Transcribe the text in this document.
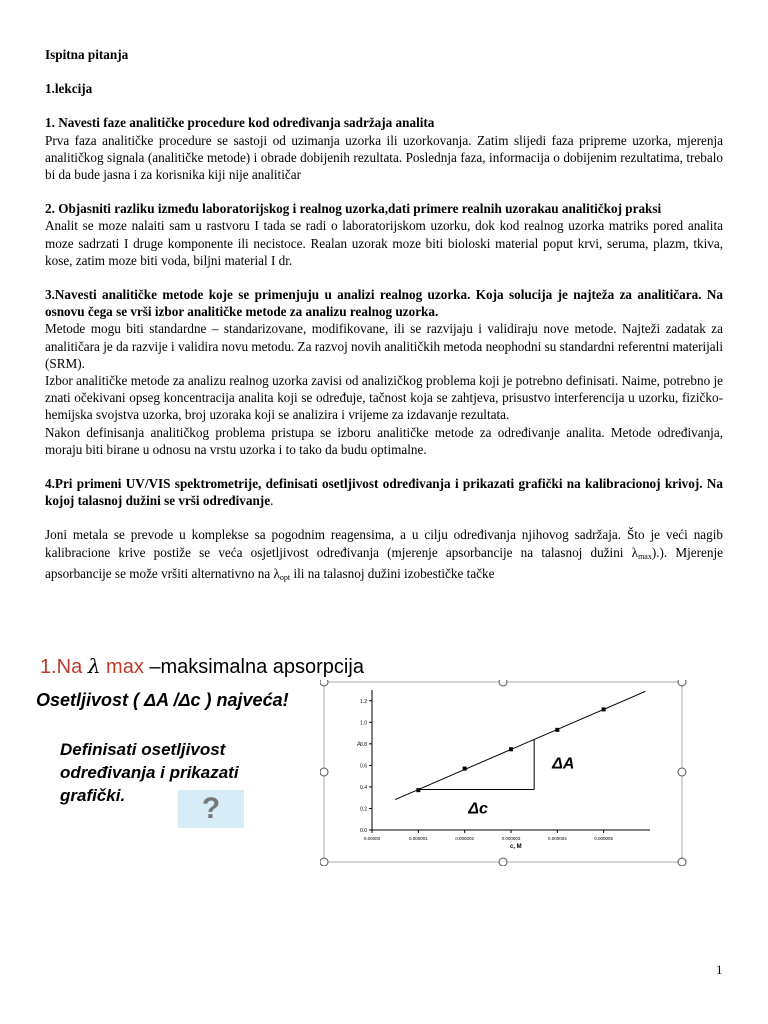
Ispitna pitanja

1.lekcija

1. Navesti faze analitičke procedure kod određivanja sadržaja analita

Prva faza analitičke procedure se sastoji od uzimanja uzorka ili uzorkovanja. Zatim slijedi faza pripreme uzorka, mjerenja analitičkog signala (analitičke metode) i obrade dobijenih rezultata. Poslednja faza, informacija o dobijenim rezultatima, trebalo bi da bude jasna i za korisnika kiji nije analitičar

2. Objasniti razliku između laboratorijskog i realnog uzorka,dati primere realnih uzorakau analitičkoj praksi

Analit se moze nalaiti sam u rastvoru I tada se radi o laboratorijskom uzorku, dok kod realnog uzorka matriks pored analita moze sadrzati I druge komponente ili necistoce. Realan uzorak moze biti bioloski material poput krvi, seruma, plazm, tkiva, kose, zatim moze biti voda, biljni material I dr.

3.Navesti analitičke metode koje se primenjuju u analizi realnog uzorka. Koja solucija je najteža za analitičara. Na osnovu čega se vrši izbor analitičke metode za analizu realnog uzorka.

Metode mogu biti standardne – standarizovane, modifikovane, ili se razvijaju i validiraju nove metode. Najteži zadatak za analitičara je da razvije i validira novu metodu. Za razvoj novih analitičkih metoda neophodni su standardni referentni materijali (SRM).

Izbor analitičke metode za analizu realnog uzorka zavisi od analizičkog problema koji je potrebno definisati. Naime, potrebno je znati očekivani opseg koncentracija analita koji se određuje, tačnost koja se zahtjeva, prisustvo interferencija u uzorku, fizičko-hemijska svojstva uzorka, broj uzoraka koji se analizira i vrijeme za izdavanje rezultata.

Nakon definisanja analitičkog problema pristupa se izboru analitičke metode za određivanje analita. Metode određivanja, moraju biti birane u odnosu na vrstu uzorka i to tako da budu optimalne.

4.Pri primeni UV/VIS spektrometrije, definisati osetljivost određivanja i prikazati grafički na kalibracionoj krivoj. Na kojoj talasnoj dužini se vrši određivanje.

Joni metala se prevode u komplekse sa pogodnim reagensima, a u cilju određivanja njihovog sadržaja. Što je veći nagib kalibracione krive postiže se veća osjetljivost određivanja (mjerenje apsorbancije na talasnoj dužini $\lambda_{max}$).). Mjerenje apsorbancije se može vršiti alternativno na $\lambda_{opt}$ ili na talasnoj dužini izobestičke tačke

1.Na λ max –maksimalna apsorpcija
Osetljivost ( ΔA /Δc ) najveća!
Definisati osetljivost određivanja i prikazati grafički.	?
0.0
0.2
0.4
0.6
0.8
1.0
1.2
0.00000	0.000001	0.000002	0.000003	0.000004	0.000005
A
c, M
ΔA
Δc
1
